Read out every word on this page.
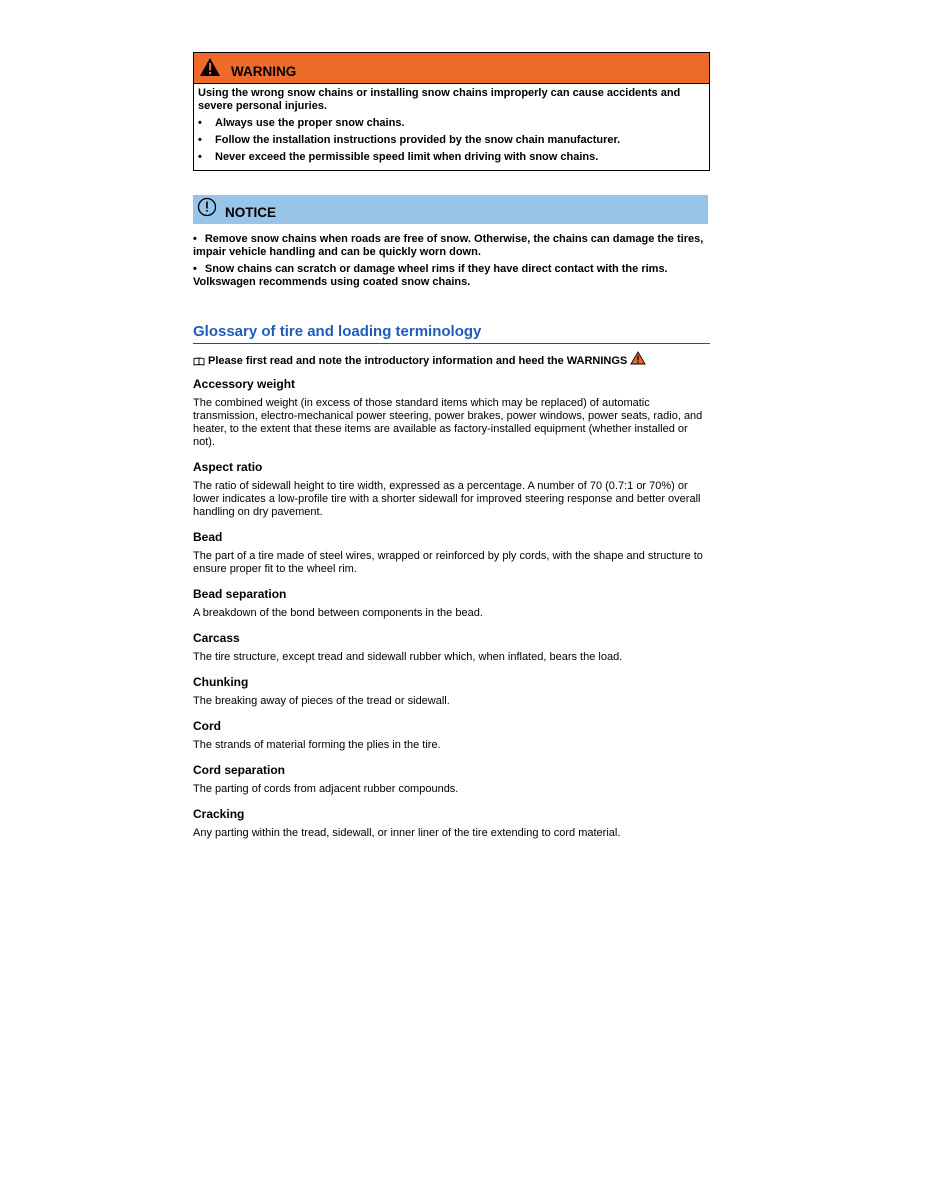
WARNING

Using the wrong snow chains or installing snow chains improperly can cause accidents and severe personal injuries.

• Always use the proper snow chains.
• Follow the installation instructions provided by the snow chain manufacturer.
• Never exceed the permissible speed limit when driving with snow chains.
NOTICE

• Remove snow chains when roads are free of snow. Otherwise, the chains can damage the tires, impair vehicle handling and can be quickly worn down.

• Snow chains can scratch or damage wheel rims if they have direct contact with the rims. Volkswagen recommends using coated snow chains.

Glossary of tire and loading terminology
Please first read and note the introductory information and heed the WARNINGS
Accessory weight
The combined weight (in excess of those standard items which may be replaced) of automatic transmission, electro-mechanical power steering, power brakes, power windows, power seats, radio, and heater, to the extent that these items are available as factory-installed equipment (whether installed or not).
Aspect ratio
The ratio of sidewall height to tire width, expressed as a percentage. A number of 70 (0.7:1 or 70%) or lower indicates a low-profile tire with a shorter sidewall for improved steering response and better overall handling on dry pavement.
Bead
The part of a tire made of steel wires, wrapped or reinforced by ply cords, with the shape and structure to ensure proper fit to the wheel rim.
Bead separation
A breakdown of the bond between components in the bead.
Carcass
The tire structure, except tread and sidewall rubber which, when inflated, bears the load.
Chunking
The breaking away of pieces of the tread or sidewall.
Cord
The strands of material forming the plies in the tire.
Cord separation
The parting of cords from adjacent rubber compounds.
Cracking
Any parting within the tread, sidewall, or inner liner of the tire extending to cord material.
